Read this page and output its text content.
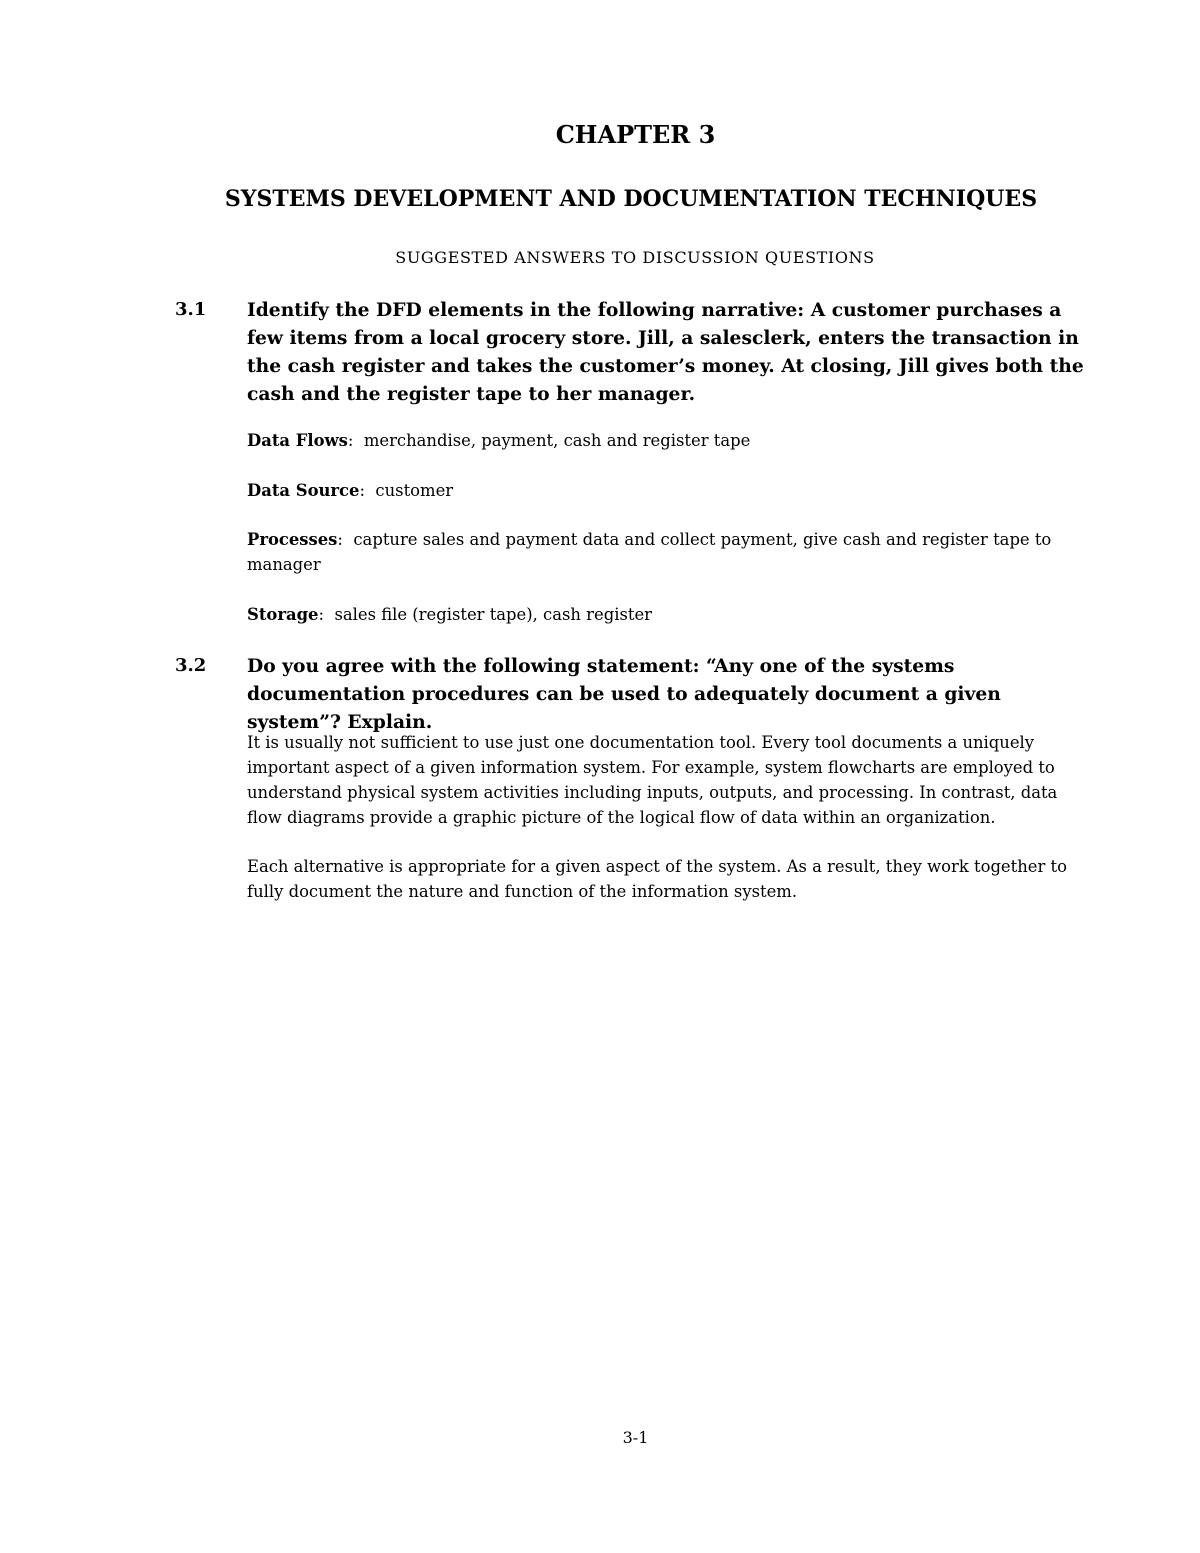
CHAPTER 3
SYSTEMS DEVELOPMENT AND DOCUMENTATION TECHNIQUES
SUGGESTED ANSWERS TO DISCUSSION QUESTIONS
3.1 Identify the DFD elements in the following narrative: A customer purchases a few items from a local grocery store. Jill, a salesclerk, enters the transaction in the cash register and takes the customer’s money. At closing, Jill gives both the cash and the register tape to her manager.
Data Flows:  merchandise, payment, cash and register tape
Data Source:  customer
Processes:  capture sales and payment data and collect payment, give cash and register tape to manager
Storage:  sales file (register tape), cash register
3.2 Do you agree with the following statement: “Any one of the systems documentation procedures can be used to adequately document a given system”? Explain.
It is usually not sufficient to use just one documentation tool. Every tool documents a uniquely important aspect of a given information system. For example, system flowcharts are employed to understand physical system activities including inputs, outputs, and processing. In contrast, data flow diagrams provide a graphic picture of the logical flow of data within an organization.
Each alternative is appropriate for a given aspect of the system. As a result, they work together to fully document the nature and function of the information system.
3-1
